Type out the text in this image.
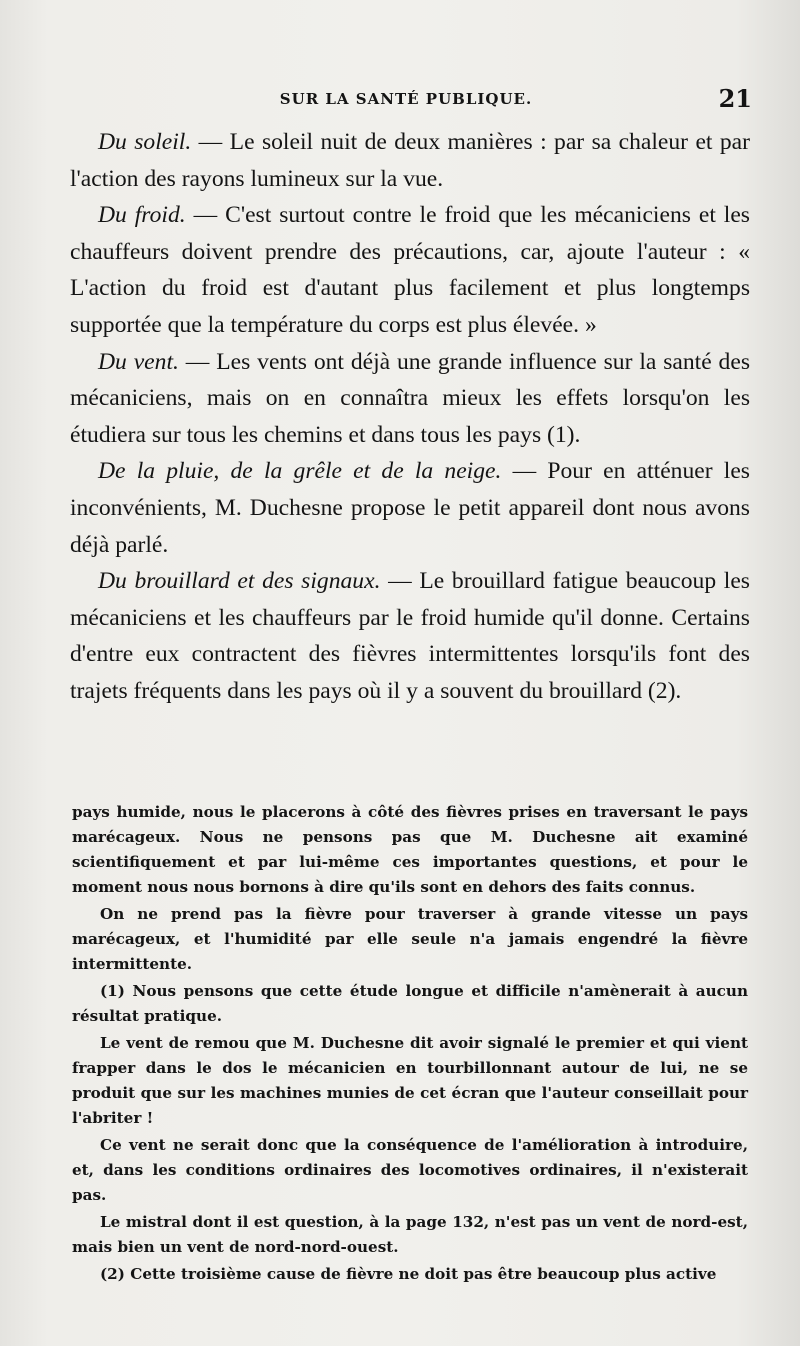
SUR LA SANTÉ PUBLIQUE.	21

Du soleil. — Le soleil nuit de deux manières : par sa chaleur et par l'action des rayons lumineux sur la vue.

Du froid. — C'est surtout contre le froid que les mécaniciens et les chauffeurs doivent prendre des précautions, car, ajoute l'auteur : « L'action du froid est d'autant plus facilement et plus longtemps supportée que la température du corps est plus élevée. »

Du vent. — Les vents ont déjà une grande influence sur la santé des mécaniciens, mais on en connaîtra mieux les effets lorsqu'on les étudiera sur tous les chemins et dans tous les pays (1).

De la pluie, de la grêle et de la neige. — Pour en atténuer les inconvénients, M. Duchesne propose le petit appareil dont nous avons déjà parlé.

Du brouillard et des signaux. — Le brouillard fatigue beaucoup les mécaniciens et les chauffeurs par le froid humide qu'il donne. Certains d'entre eux contractent des fièvres intermittentes lorsqu'ils font des trajets fréquents dans les pays où il y a souvent du brouillard (2).

pays humide, nous le placerons à côté des fièvres prises en traversant le pays marécageux. Nous ne pensons pas que M. Duchesne ait examiné scientifiquement et par lui-même ces importantes questions, et pour le moment nous nous bornons à dire qu'ils sont en dehors des faits connus.

On ne prend pas la fièvre pour traverser à grande vitesse un pays marécageux, et l'humidité par elle seule n'a jamais engendré la fièvre intermittente.

(1) Nous pensons que cette étude longue et difficile n'amènerait à aucun résultat pratique.

Le vent de remou que M. Duchesne dit avoir signalé le premier et qui vient frapper dans le dos le mécanicien en tourbillonnant autour de lui, ne se produit que sur les machines munies de cet écran que l'auteur conseillait pour l'abriter !

Ce vent ne serait donc que la conséquence de l'amélioration à introduire, et, dans les conditions ordinaires des locomotives ordinaires, il n'existerait pas.

Le mistral dont il est question, à la page 132, n'est pas un vent de nord-est, mais bien un vent de nord-nord-ouest.

(2) Cette troisième cause de fièvre ne doit pas être beaucoup plus active
